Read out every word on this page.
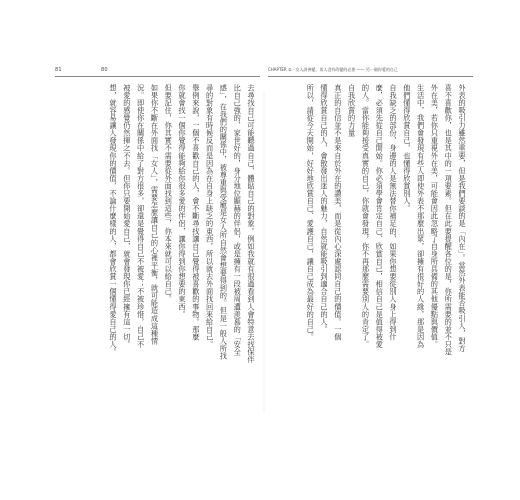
81	80
去尋找自己可能聽過自己，體貼自己的對象。例如我就有很過看到人會特意去找保伴
比自己強的、家世好的，身分地位顯赫的伴侶，或是擁有一段被周遭羨慕的「安全
感」，在我們的關係中，被尊重與受寵是女人所自然會想要得到的。但是一般人所找
尋的對象有時候反而是因為在自身上缺乏的東西，所以就去外面找回來給自己。
舉例來說，一個不喜歡自己的人，會不斷尋找讓自己覺得被喜歡的事物。那麼
你就會找一個你覺得能夠給你很多愛的伴侶，讓你得到你想要的東西。
但要記住，你其實不需要從外面找到這些，你本來就可以給自己。
如果你不斷在外面找「女人」，需要怎麼讓自己的心裡平衡，就可能造成這種情
況。即使你在關係中給了對方很多，卻還是覺得自己不被愛；不被珍惜，自己不
被愛的感覺仍然揮之不去。但你只要開始愛自己，就會發現你已經擁有這一切。
想，就容易讓人發現你的價值，不論什麼樣的人，都會欣賞一個懂得愛自己的人。
CHAPTER ② · 女人該善變，男人沒有改變的必要 —— 另一個你愛的自己
外表的吸引力雖然重要，但是我們要談的是「內在」。當然外表能否吸引人，對方
喜不喜歡你，也是其中的一項要素。但在此要提醒各位的是，你所需要的並不只是
外在美，若你只重視外在美，可能會因此忽略了自身所具備的其他優點與價值。
生活中，我們會發現有些人即使外表不那麼出眾，卻擁有很好的人緣，那是因為
他們懂得欣賞自己，也懂得欣賞別人。
自我缺乏的部份，身邊的人是無法替你補足的，如果你想要從別人身上得到什
麼，必須先從自己開始。你必須學會肯定自己、欣賞自己，相信自己是值得被愛
的人。當你能夠接受真實的自己，你就會發現，你不再那麼需要別人的肯定了。
自我欣賞的力量
真正的自信並不是來自於外在的讚美，而是從內心深處認同自己的價值。一個
懂得欣賞自己的人，會散發出迷人的魅力，自然就能吸引到適合自己的人。
所以，請從今天開始，好好地欣賞自己、愛護自己，讓自己成為最好的自己。
